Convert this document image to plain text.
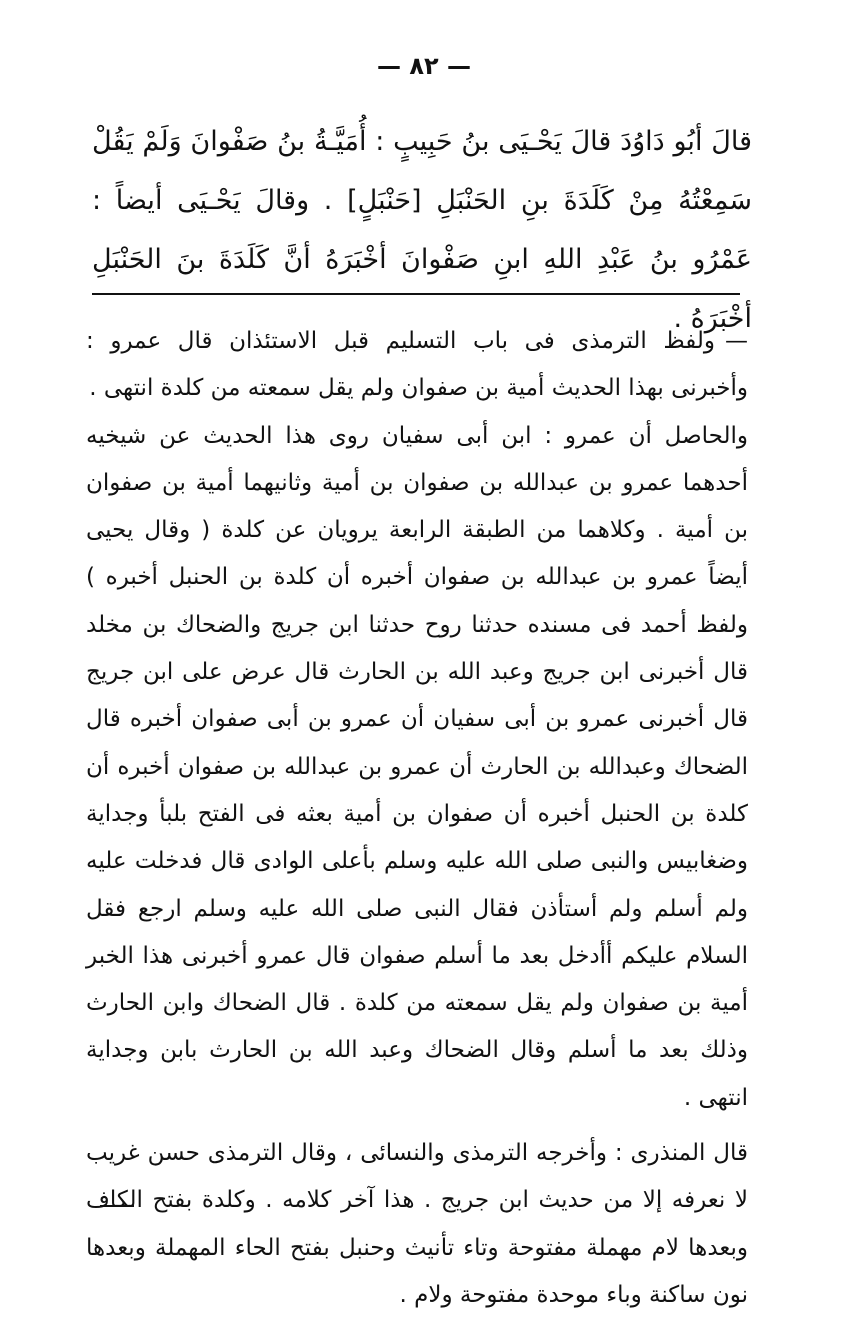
— ٨٢ —

قالَ أبُو دَاوُدَ قالَ يَحْـيَى بنُ حَبِيبٍ : أُمَيَّـةُ بنُ صَفْوانَ وَلَمْ يَقُلْ سَمِعْتُهُ مِنْ كَلَدَةَ بنِ الحَنْبَلِ [حَنْبَلٍ] . وقالَ يَحْـيَى أيضاً : عَمْرُو بنُ عَبْدِ اللهِ ابنِ صَفْوانَ أخْبَرَهُ أنَّ كَلَدَةَ بنَ الحَنْبَلِ أخْبَرَهُ .

—ولفظ الترمذى فى باب التسليم قبل الاستئذان قال عمرو : وأخبرنى بهذا الحديث أمية بن صفوان ولم يقل سمعته من كلدة انتهى .

والحاصل أن عمرو : ابن أبى سفيان روى هذا الحديث عن شيخيه أحدهما عمرو بن عبدالله بن صفوان بن أمية وثانيهما أمية بن صفوان بن أمية . وكلاهما من الطبقة الرابعة يرويان عن كلدة ( وقال يحيى أيضاً عمرو بن عبدالله بن صفوان أخبره أن كلدة بن الحنبل أخبره ) ولفظ أحمد فى مسنده حدثنا روح حدثنا ابن جريج والضحاك بن مخلد قال أخبرنى ابن جريج وعبد الله بن الحارث قال عرض على ابن جريج قال أخبرنى عمرو بن أبى سفيان أن عمرو بن أبى صفوان أخبره قال الضحاك وعبدالله بن الحارث أن عمرو بن عبدالله بن صفوان أخبره أن كلدة بن الحنبل أخبره أن صفوان بن أمية بعثه فى الفتح بلبأ وجداية وضغابيس والنبى صلى الله عليه وسلم بأعلى الوادى قال فدخلت عليه ولم أسلم ولم أستأذن فقال النبى صلى الله عليه وسلم ارجع فقل السلام عليكم أأدخل بعد ما أسلم صفوان قال عمرو أخبرنى هذا الخبر أمية بن صفوان ولم يقل سمعته من كلدة . قال الضحاك وابن الحارث وذلك بعد ما أسلم وقال الضحاك وعبد الله بن الحارث بابن وجداية انتهى .

قال المنذرى : وأخرجه الترمذى والنسائى ، وقال الترمذى حسن غريب لا نعرفه إلا من حديث ابن جريج . هذا آخر كلامه . وكلدة بفتح الكاف وبعدها لام مهملة مفتوحة وتاء تأنيث وحنبل بفتح الحاء المهملة وبعدها نون ساكنة وباء موحدة مفتوحة ولام .
